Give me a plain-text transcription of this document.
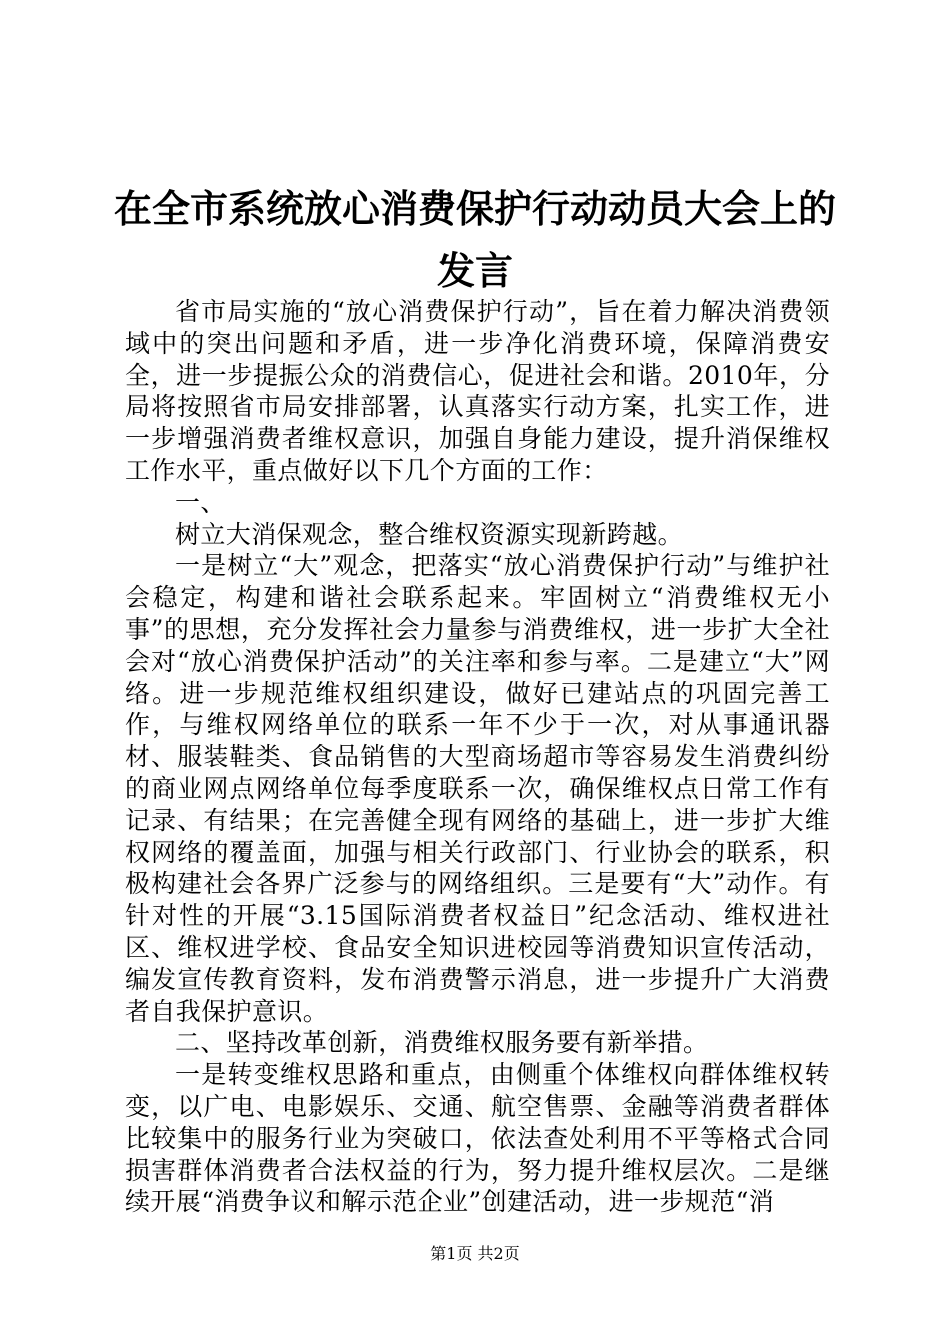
在全市系统放心消费保护行动动员大会上的发言

省市局实施的“放心消费保护行动”，旨在着力解决消费领域中的突出问题和矛盾，进一步净化消费环境，保障消费安全，进一步提振公众的消费信心，促进社会和谐。2010年，分局将按照省市局安排部署，认真落实行动方案，扎实工作，进一步增强消费者维权意识，加强自身能力建设，提升消保维权工作水平，重点做好以下几个方面的工作：

一、

树立大消保观念，整合维权资源实现新跨越。

一是树立“大”观念，把落实“放心消费保护行动”与维护社会稳定，构建和谐社会联系起来。牢固树立“消费维权无小事”的思想，充分发挥社会力量参与消费维权，进一步扩大全社会对“放心消费保护活动”的关注率和参与率。二是建立“大”网络。进一步规范维权组织建设，做好已建站点的巩固完善工作，与维权网络单位的联系一年不少于一次，对从事通讯器材、服装鞋类、食品销售的大型商场超市等容易发生消费纠纷的商业网点网络单位每季度联系一次，确保维权点日常工作有记录、有结果；在完善健全现有网络的基础上，进一步扩大维权网络的覆盖面，加强与相关行政部门、行业协会的联系，积极构建社会各界广泛参与的网络组织。三是要有“大”动作。有针对性的开展“3.15国际消费者权益日”纪念活动、维权进社区、维权进学校、食品安全知识进校园等消费知识宣传活动，编发宣传教育资料，发布消费警示消息，进一步提升广大消费者自我保护意识。

二、坚持改革创新，消费维权服务要有新举措。

一是转变维权思路和重点，由侧重个体维权向群体维权转变，以广电、电影娱乐、交通、航空售票、金融等消费者群体比较集中的服务行业为突破口，依法查处利用不平等格式合同损害群体消费者合法权益的行为，努力提升维权层次。二是继续开展“消费争议和解示范企业”创建活动，进一步规范“消

第1页 共2页
